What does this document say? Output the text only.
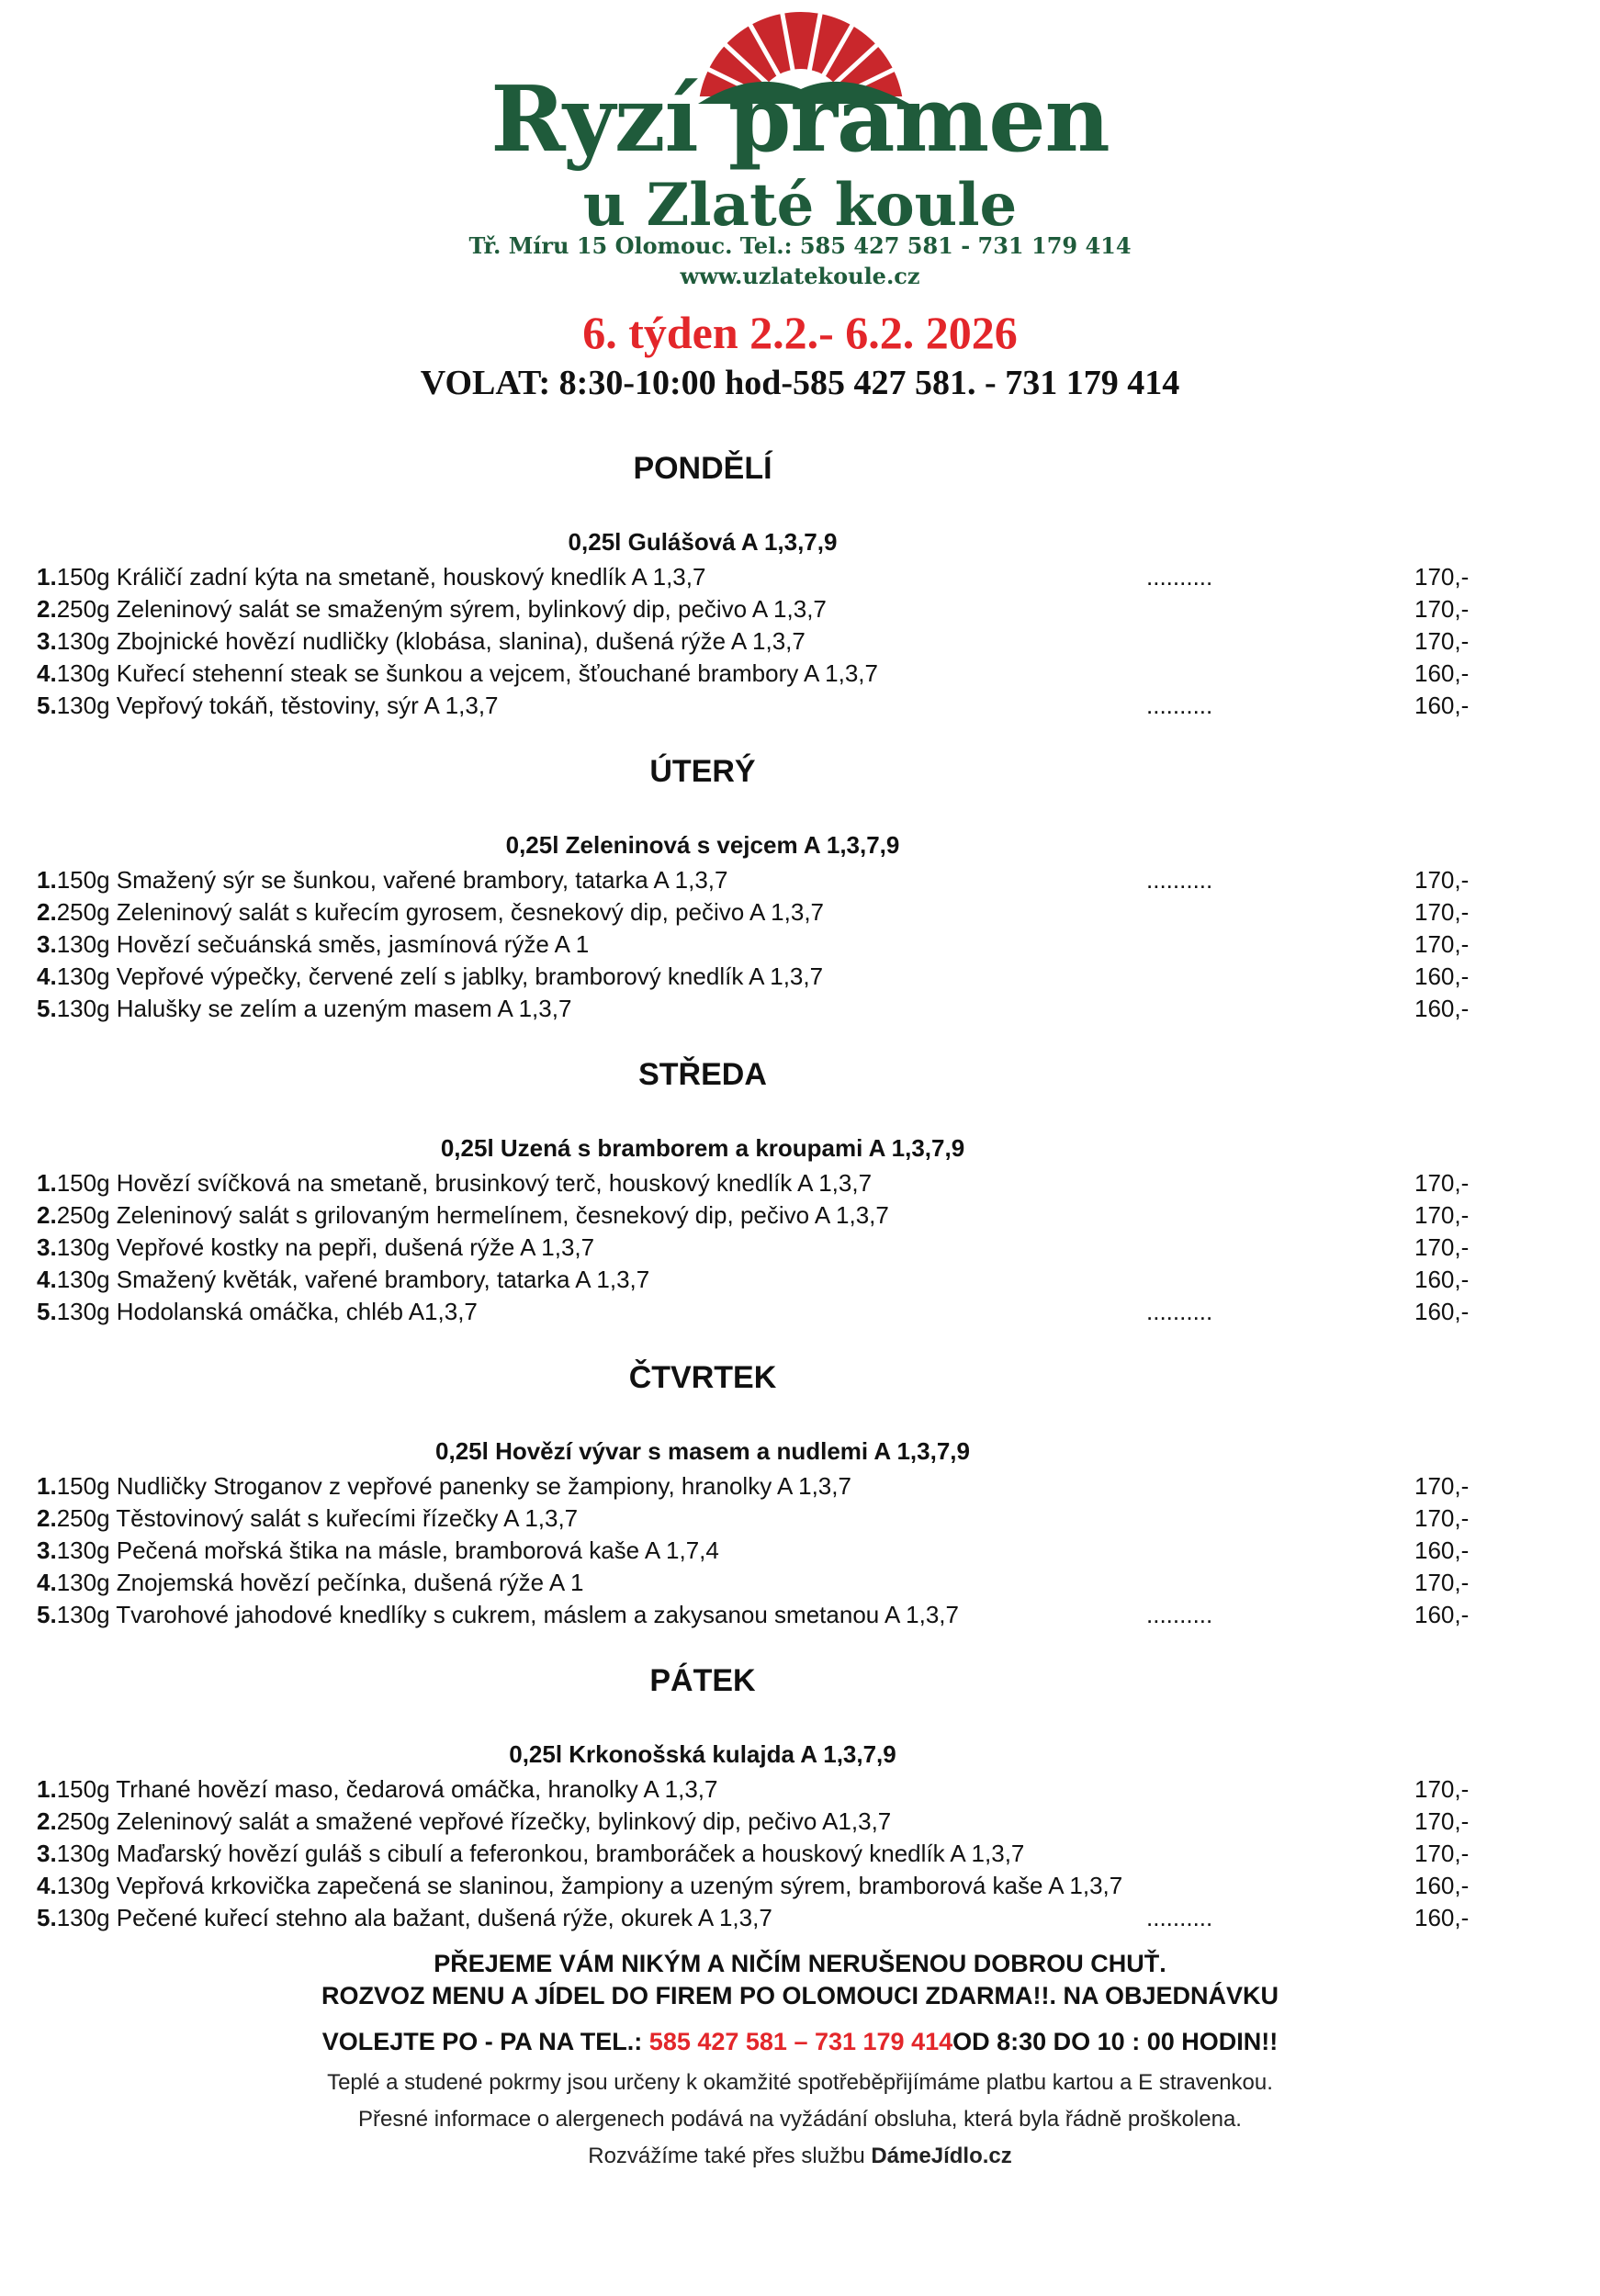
Ryzí pramen
u Zlaté koule
Tř. Míru 15 Olomouc. Tel.: 585 427 581 - 731 179 414
www.uzlatekoule.cz
6. týden 2.2.- 6.2. 2026
VOLAT: 8:30-10:00 hod-585 427 581. - 731 179 414
PONDĚLÍ
0,25l Gulášová A 1,3,7,9
1.150g Králičí zadní kýta na smetaně, houskový knedlík A 1,3,7	..........	170,-
2.250g Zeleninový salát se smaženým sýrem, bylinkový dip, pečivo A 1,3,7	170,-
3.130g Zbojnické hovězí nudličky (klobása, slanina), dušená rýže A 1,3,7	170,-
4.130g Kuřecí stehenní steak se šunkou a vejcem, šťouchané brambory A 1,3,7	160,-
5.130g Vepřový tokáň, těstoviny, sýr A 1,3,7	..........	160,-
ÚTERÝ
0,25l Zeleninová s vejcem A 1,3,7,9
1.150g Smažený sýr se šunkou, vařené brambory, tatarka A 1,3,7	..........	170,-
2.250g Zeleninový salát s kuřecím gyrosem, česnekový dip, pečivo A 1,3,7	170,-
3.130g Hovězí sečuánská směs, jasmínová rýže A 1	170,-
4.130g Vepřové výpečky, červené zelí s jablky, bramborový knedlík A 1,3,7	160,-
5.130g Halušky se zelím a uzeným masem A 1,3,7	160,-
STŘEDA
0,25l Uzená s bramborem a kroupami A 1,3,7,9
1.150g Hovězí svíčková na smetaně, brusinkový terč, houskový knedlík A 1,3,7	170,-
2.250g Zeleninový salát s grilovaným hermelínem, česnekový dip, pečivo A 1,3,7	170,-
3.130g Vepřové kostky na pepři, dušená rýže A 1,3,7	170,-
4.130g Smažený květák, vařené brambory, tatarka A 1,3,7	160,-
5.130g Hodolanská omáčka, chléb A1,3,7	..........	160,-
ČTVRTEK
0,25l Hovězí vývar s masem a nudlemi A 1,3,7,9
1.150g Nudličky Stroganov z vepřové panenky se žampiony, hranolky A 1,3,7	170,-
2.250g Těstovinový salát s kuřecími řízečky A 1,3,7	170,-
3.130g Pečená mořská štika na másle, bramborová kaše A 1,7,4	160,-
4.130g Znojemská hovězí pečínka, dušená rýže A 1	170,-
5.130g Tvarohové jahodové knedlíky s cukrem, máslem a zakysanou smetanou A 1,3,7	..........	160,-
PÁTEK
0,25l Krkonošská kulajda A 1,3,7,9
1.150g Trhané hovězí maso, čedarová omáčka, hranolky A 1,3,7	170,-
2.250g Zeleninový salát a smažené vepřové řízečky, bylinkový dip, pečivo A1,3,7	170,-
3.130g Maďarský hovězí guláš s cibulí a feferonkou, bramboráček a houskový knedlík A 1,3,7	170,-
4.130g Vepřová krkovička zapečená se slaninou, žampiony a uzeným sýrem, bramborová kaše A 1,3,7	160,-
5.130g Pečené kuřecí stehno ala bažant, dušená rýže, okurek A 1,3,7	..........	160,-
PŘEJEME VÁM NIKÝM A NIČÍM NERUŠENOU DOBROU CHUŤ.
ROZVOZ MENU A JÍDEL DO FIREM PO OLOMOUCI ZDARMA!!. NA OBJEDNÁVKU
VOLEJTE PO - PA NA TEL.: 585 427 581 – 731 179 414OD 8:30 DO 10 : 00 HODIN!!
Teplé a studené pokrmy jsou určeny k okamžité spotřeběpřijímáme platbu kartou a E stravenkou.
Přesné informace o alergenech podává na vyžádání obsluha, která byla řádně proškolena.
Rozvážíme také přes službu DámeJídlo.cz
